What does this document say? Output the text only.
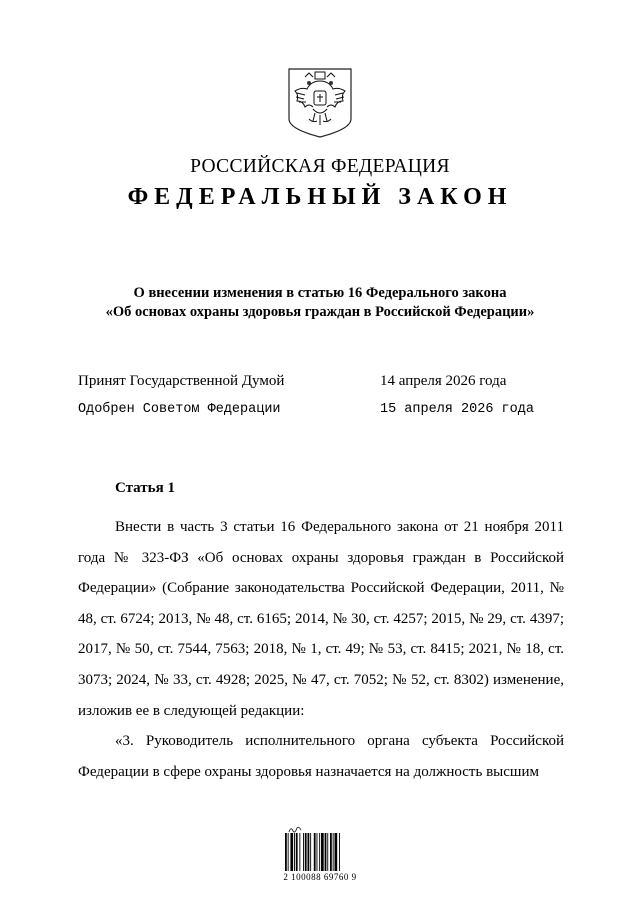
РОССИЙСКАЯ ФЕДЕРАЦИЯ
ФЕДЕРАЛЬНЫЙ ЗАКОН
О внесении изменения в статью 16 Федерального закона
«Об основах охраны здоровья граждан в Российской Федерации»
Принят Государственной Думой	14 апреля 2026 года
Одобрен Советом Федерации	15 апреля 2026 года
Статья 1

Внести в часть 3 статьи 16 Федерального закона от 21 ноября 2011 года № 323-ФЗ «Об основах охраны здоровья граждан в Российской Федерации» (Собрание законодательства Российской Федерации, 2011, № 48, ст. 6724; 2013, № 48, ст. 6165; 2014, № 30, ст. 4257; 2015, № 29, ст. 4397; 2017, № 50, ст. 7544, 7563; 2018, № 1, ст. 49; № 53, ст. 8415; 2021, № 18, ст. 3073; 2024, № 33, ст. 4928; 2025, № 47, ст. 7052; № 52, ст. 8302) изменение, изложив ее в следующей редакции:

«3. Руководитель исполнительного органа субъекта Российской Федерации в сфере охраны здоровья назначается на должность высшим

2 100088 69760 9
